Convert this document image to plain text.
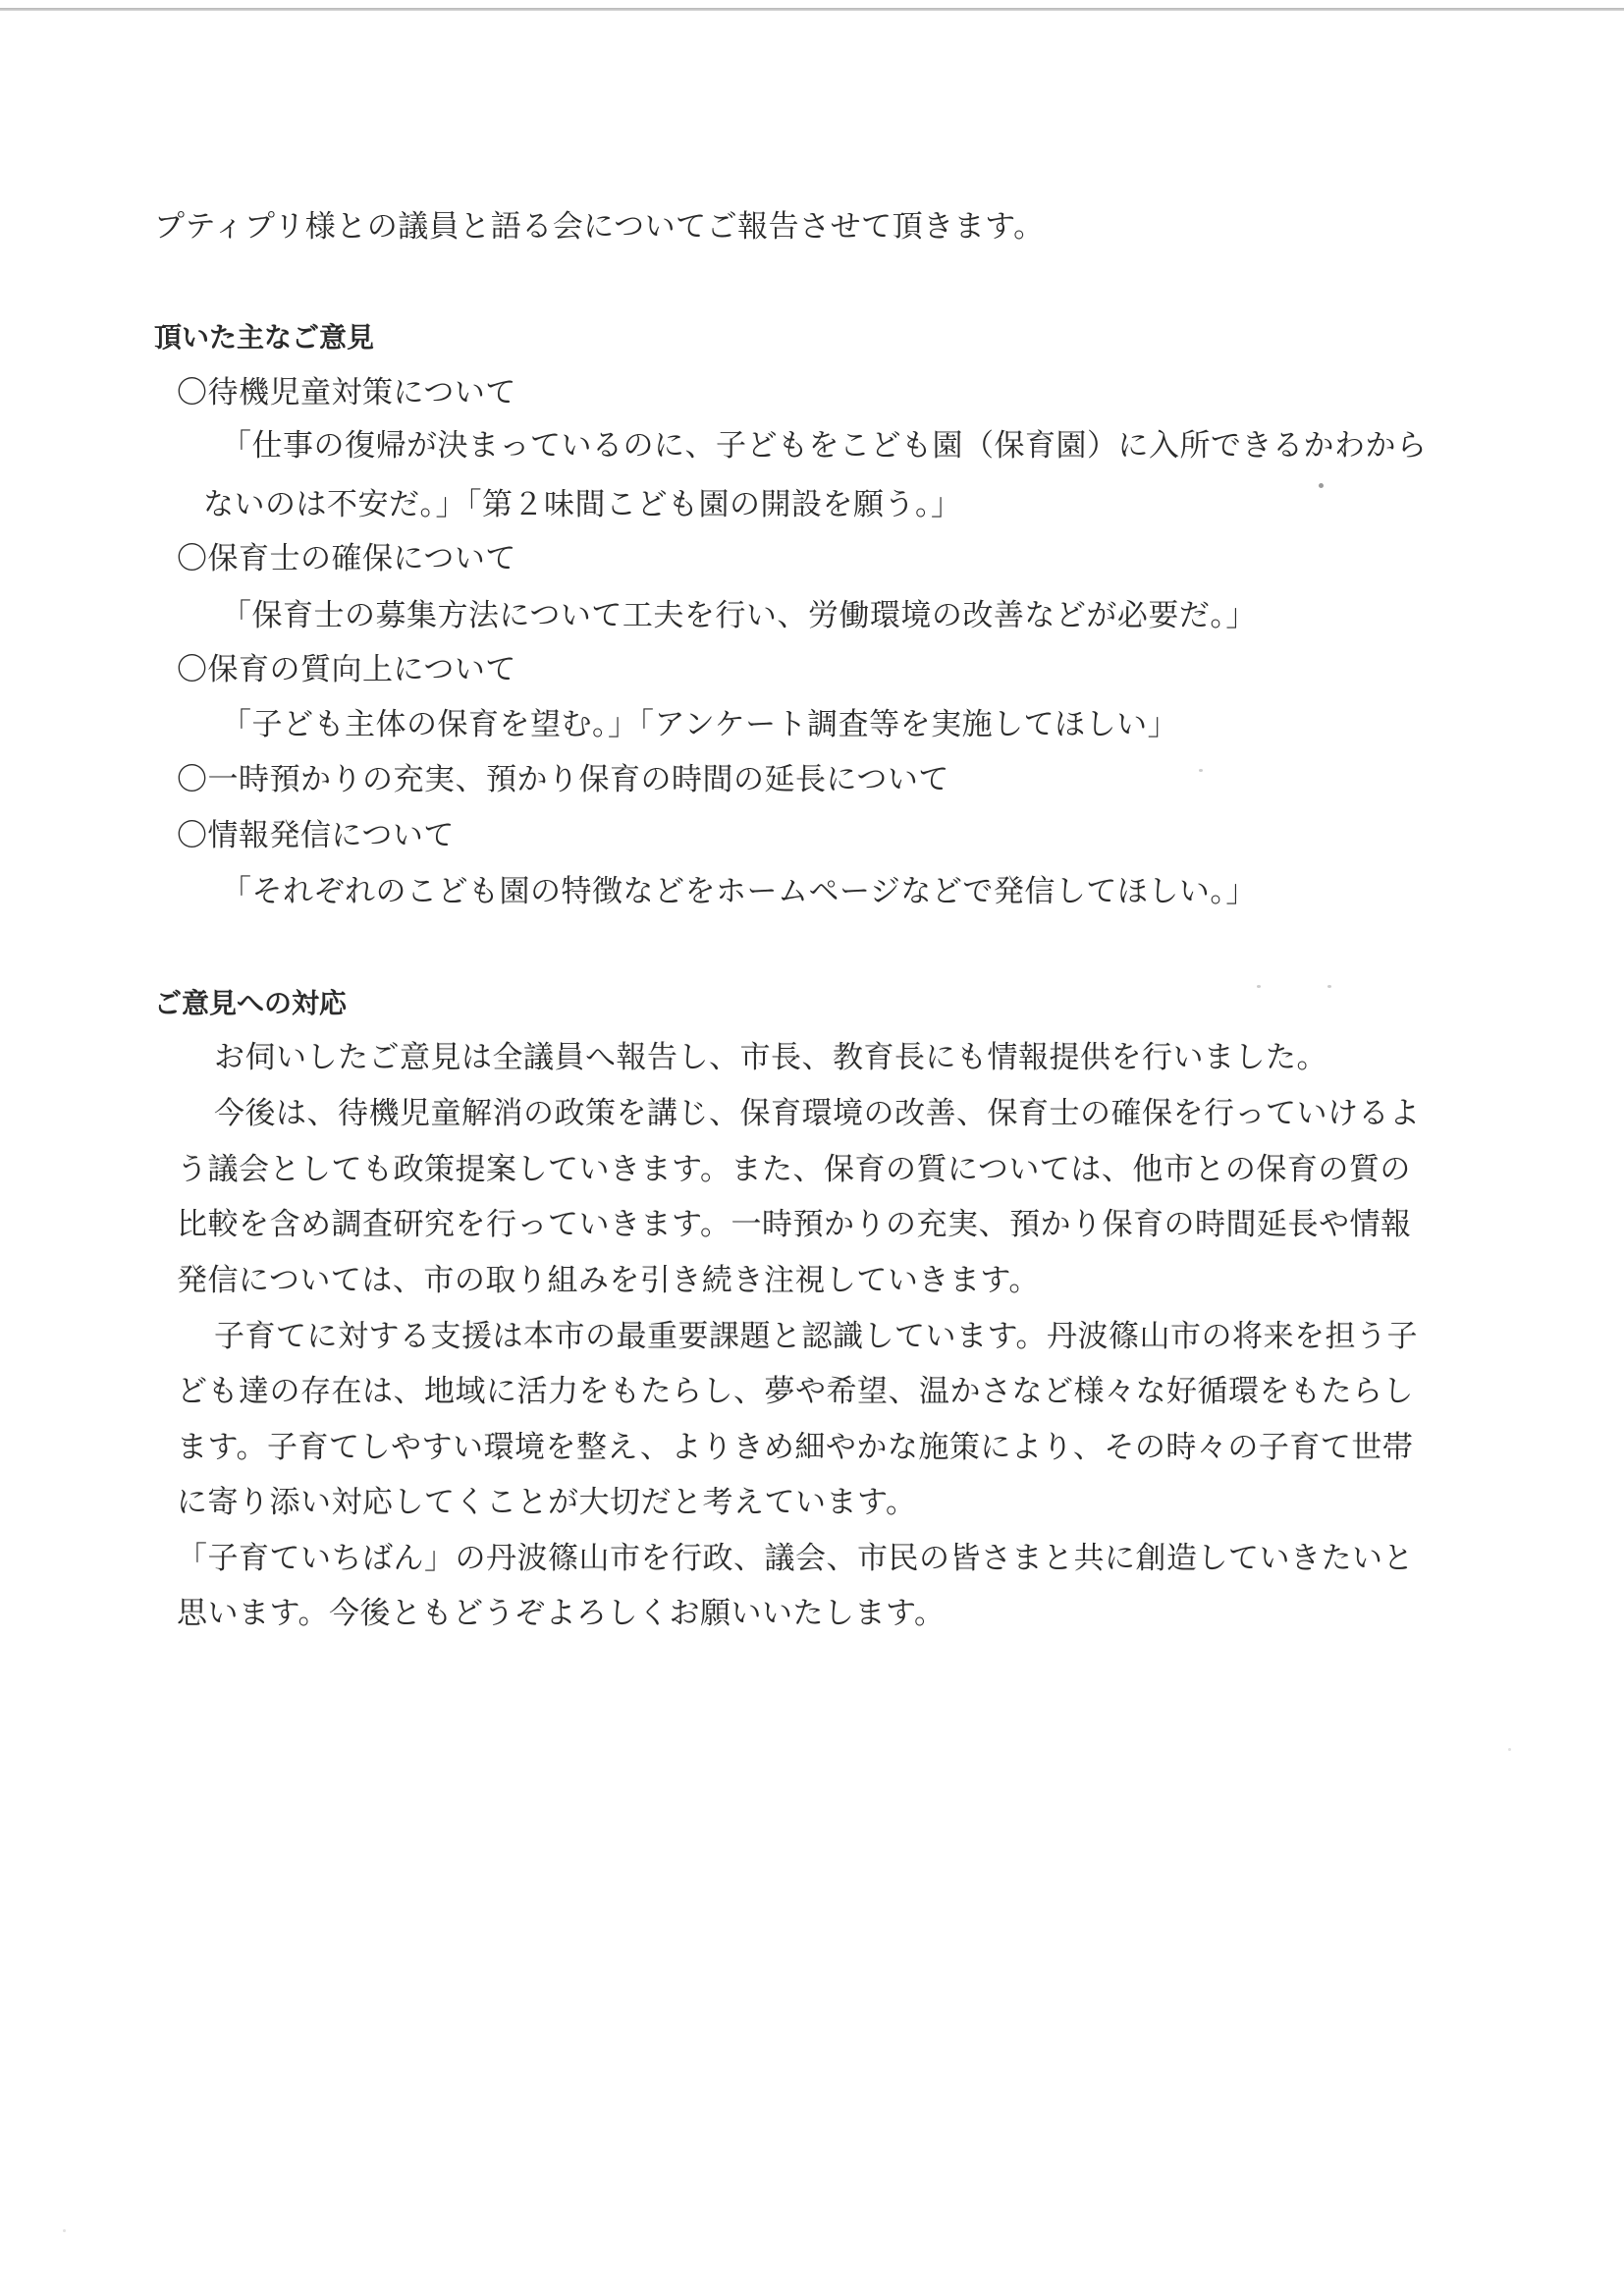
プティプリ様との議員と語る会についてご報告させて頂きます。
頂いた主なご意見
〇待機児童対策について
「仕事の復帰が決まっているのに、子どもをこども園（保育園）に入所できるかわから
ないのは不安だ。」「第２味間こども園の開設を願う。」
〇保育士の確保について
「保育士の募集方法について工夫を行い、労働環境の改善などが必要だ。」
〇保育の質向上について
「子ども主体の保育を望む。」「アンケート調査等を実施してほしい」
〇一時預かりの充実、預かり保育の時間の延長について
〇情報発信について
「それぞれのこども園の特徴などをホームページなどで発信してほしい。」
ご意見への対応
お伺いしたご意見は全議員へ報告し、市長、教育長にも情報提供を行いました。
今後は、待機児童解消の政策を講じ、保育環境の改善、保育士の確保を行っていけるよ
う議会としても政策提案していきます。また、保育の質については、他市との保育の質の
比較を含め調査研究を行っていきます。一時預かりの充実、預かり保育の時間延長や情報
発信については、市の取り組みを引き続き注視していきます。
子育てに対する支援は本市の最重要課題と認識しています。丹波篠山市の将来を担う子
ども達の存在は、地域に活力をもたらし、夢や希望、温かさなど様々な好循環をもたらし
ます。子育てしやすい環境を整え、よりきめ細やかな施策により、その時々の子育て世帯
に寄り添い対応してくことが大切だと考えています。
「子育ていちばん」の丹波篠山市を行政、議会、市民の皆さまと共に創造していきたいと
思います。今後ともどうぞよろしくお願いいたします。
